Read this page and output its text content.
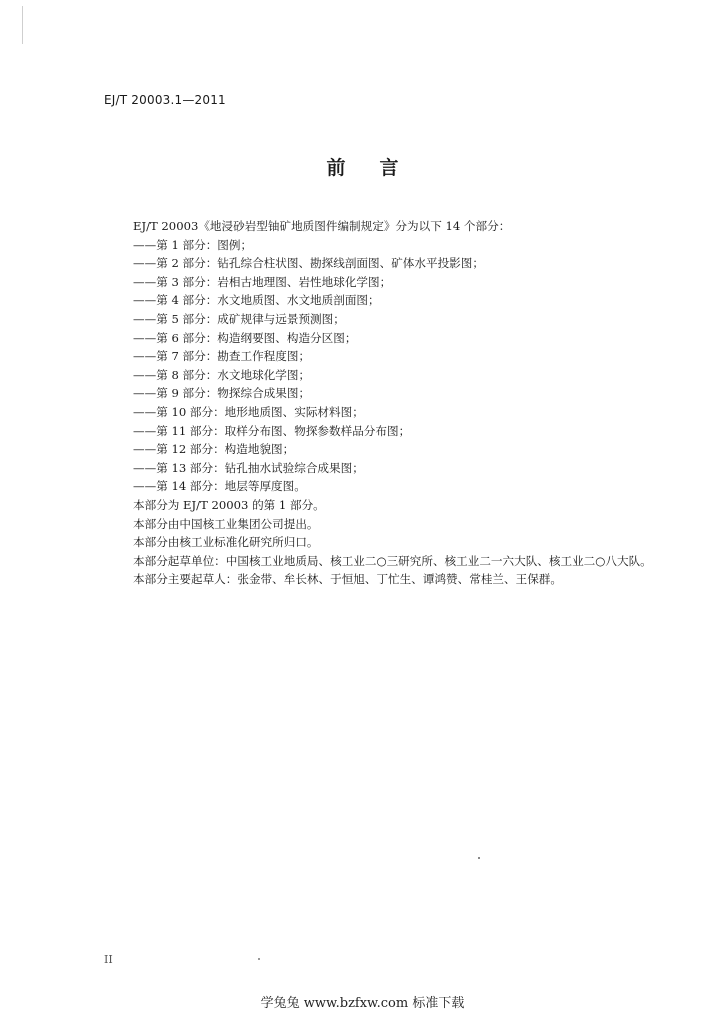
EJ/T 20003.1—2011
前 言
EJ/T 20003《地浸砂岩型铀矿地质图件编制规定》分为以下 14 个部分：
——第 1 部分：图例；
——第 2 部分：钻孔综合柱状图、勘探线剖面图、矿体水平投影图；
——第 3 部分：岩相古地理图、岩性地球化学图；
——第 4 部分：水文地质图、水文地质剖面图；
——第 5 部分：成矿规律与远景预测图；
——第 6 部分：构造纲要图、构造分区图；
——第 7 部分：勘查工作程度图；
——第 8 部分：水文地球化学图；
——第 9 部分：物探综合成果图；
——第 10 部分：地形地质图、实际材料图；
——第 11 部分：取样分布图、物探参数样品分布图；
——第 12 部分：构造地貌图；
——第 13 部分：钻孔抽水试验综合成果图；
——第 14 部分：地层等厚度图。
本部分为 EJ/T 20003 的第 1 部分。
本部分由中国核工业集团公司提出。
本部分由核工业标准化研究所归口。
本部分起草单位：中国核工业地质局、核工业二○三研究所、核工业二一六大队、核工业二○八大队。
本部分主要起草人：张金带、牟长林、于恒旭、丁忙生、谭鸿赞、常桂兰、王保群。
II
学兔兔 www.bzfxw.com 标准下载
